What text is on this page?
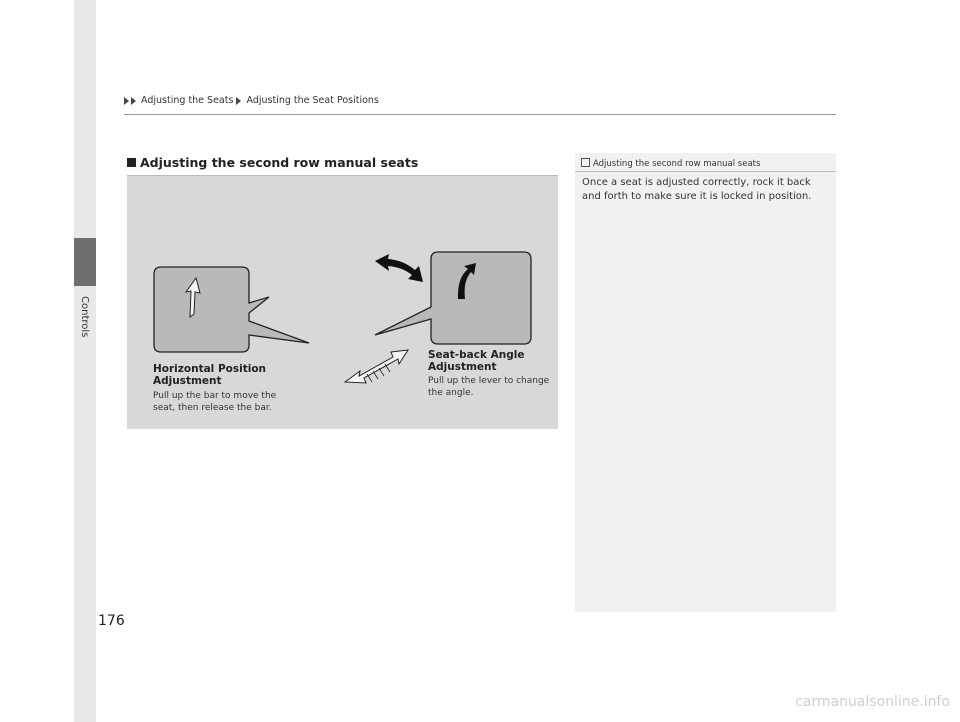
Controls
Adjusting the Seats Adjusting the Seat Positions
Adjusting the second row manual seats
Horizontal Position
Adjustment
Pull up the bar to move the
seat, then release the bar.
Seat-back Angle
Adjustment
Pull up the lever to change
the angle.
Adjusting the second row manual seats
Once a seat is adjusted correctly, rock it back and forth to make sure it is locked in position.
176
carmanualsonline.info
